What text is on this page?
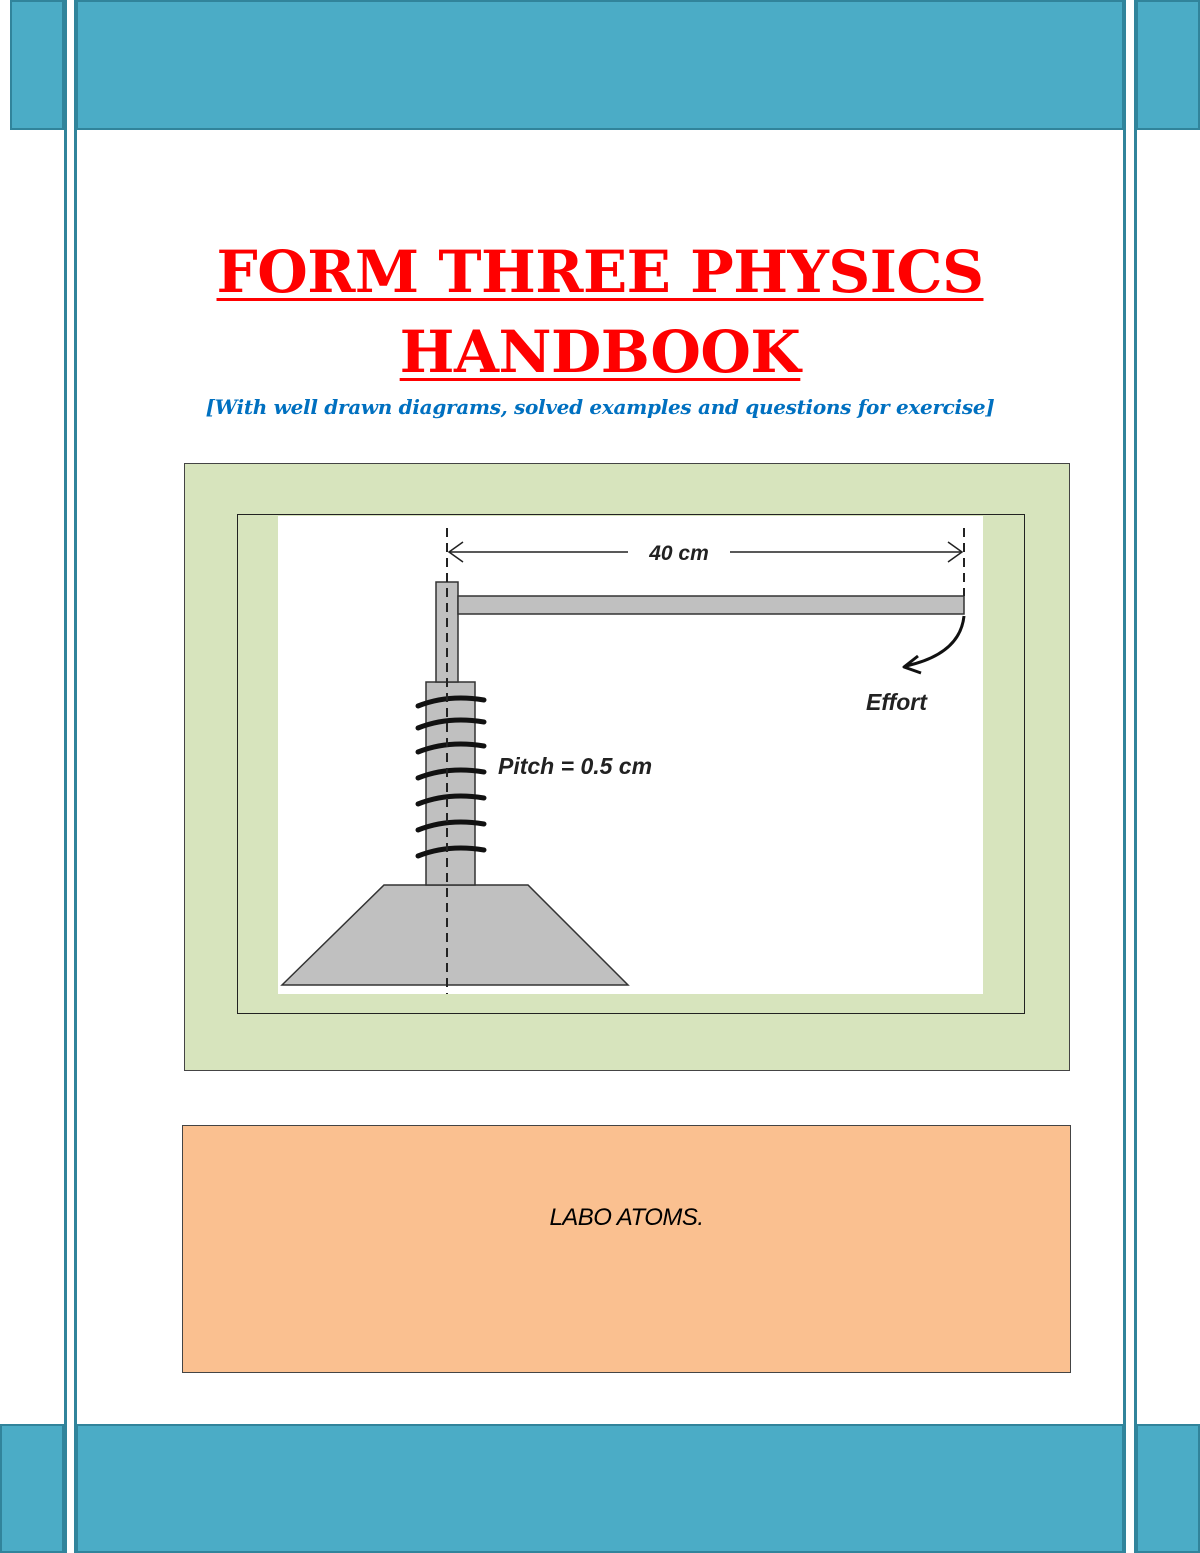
FORM THREE PHYSICS
HANDBOOK
[With well drawn diagrams, solved examples and questions for exercise]
40 cm
Effort
Pitch = 0.5 cm
LABO ATOMS.
